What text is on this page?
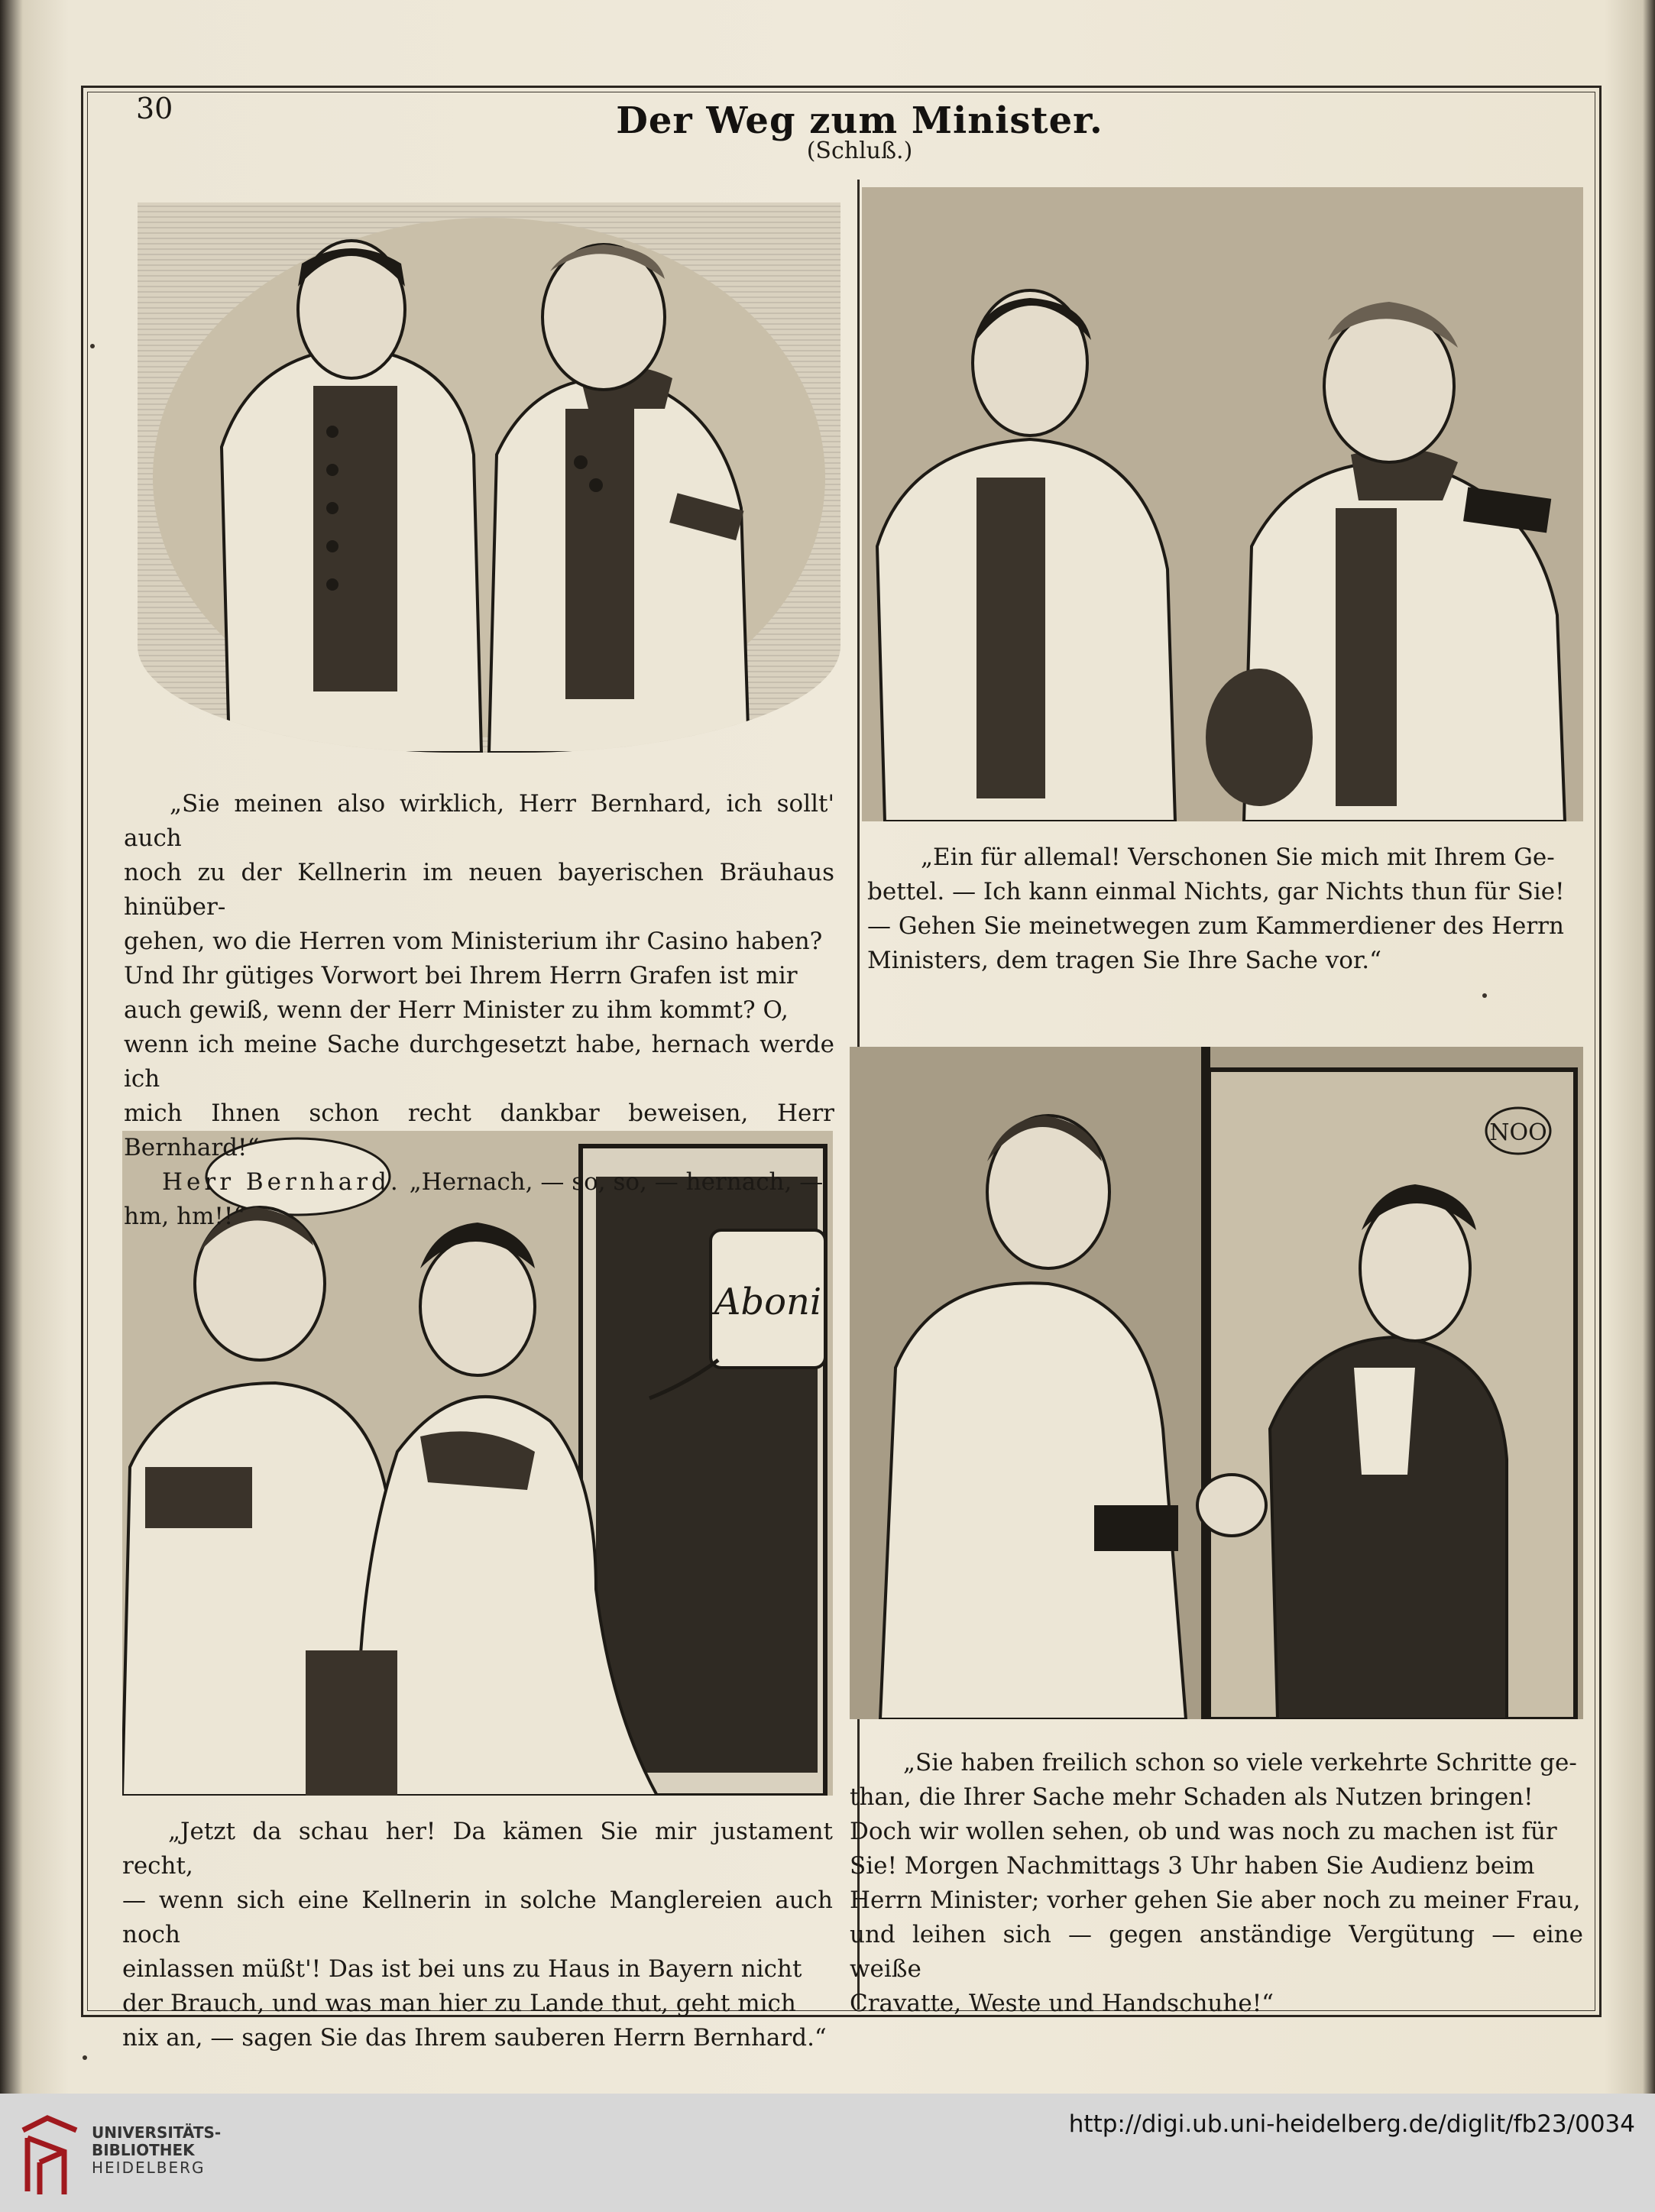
30	Der Weg zum Minister.
(Schluß.)
Aboni
NOO

„Sie meinen also wirklich, Herr Bernhard, ich sollt' auch

noch zu der Kellnerin im neuen bayerischen Bräuhaus hinüber-

gehen, wo die Herren vom Ministerium ihr Casino haben?

Und Ihr gütiges Vorwort bei Ihrem Herrn Grafen ist mir

auch gewiß, wenn der Herr Minister zu ihm kommt? O,

wenn ich meine Sache durchgesetzt habe, hernach werde ich

mich Ihnen schon recht dankbar beweisen, Herr Bernhard!“

Herr Bernhard. „Hernach, — so, so, — hernach, —

hm, hm!!“

„Ein für allemal! Verschonen Sie mich mit Ihrem Ge-

bettel. — Ich kann einmal Nichts, gar Nichts thun für Sie!

— Gehen Sie meinetwegen zum Kammerdiener des Herrn

Ministers, dem tragen Sie Ihre Sache vor.“

„Jetzt da schau her! Da kämen Sie mir justament recht,

— wenn sich eine Kellnerin in solche Manglereien auch noch

einlassen müßt'! Das ist bei uns zu Haus in Bayern nicht

der Brauch, und was man hier zu Lande thut, geht mich

nix an, — sagen Sie das Ihrem sauberen Herrn Bernhard.“

„Sie haben freilich schon so viele verkehrte Schritte ge-

than, die Ihrer Sache mehr Schaden als Nutzen bringen!

Doch wir wollen sehen, ob und was noch zu machen ist für

Sie! Morgen Nachmittags 3 Uhr haben Sie Audienz beim

Herrn Minister; vorher gehen Sie aber noch zu meiner Frau,

und leihen sich — gegen anständige Vergütung — eine weiße

Cravatte, Weste und Handschuhe!“

UNIVERSITÄTS-
BIBLIOTHEK
HEIDELBERG
http://digi.ub.uni-heidelberg.de/diglit/fb23/0034
